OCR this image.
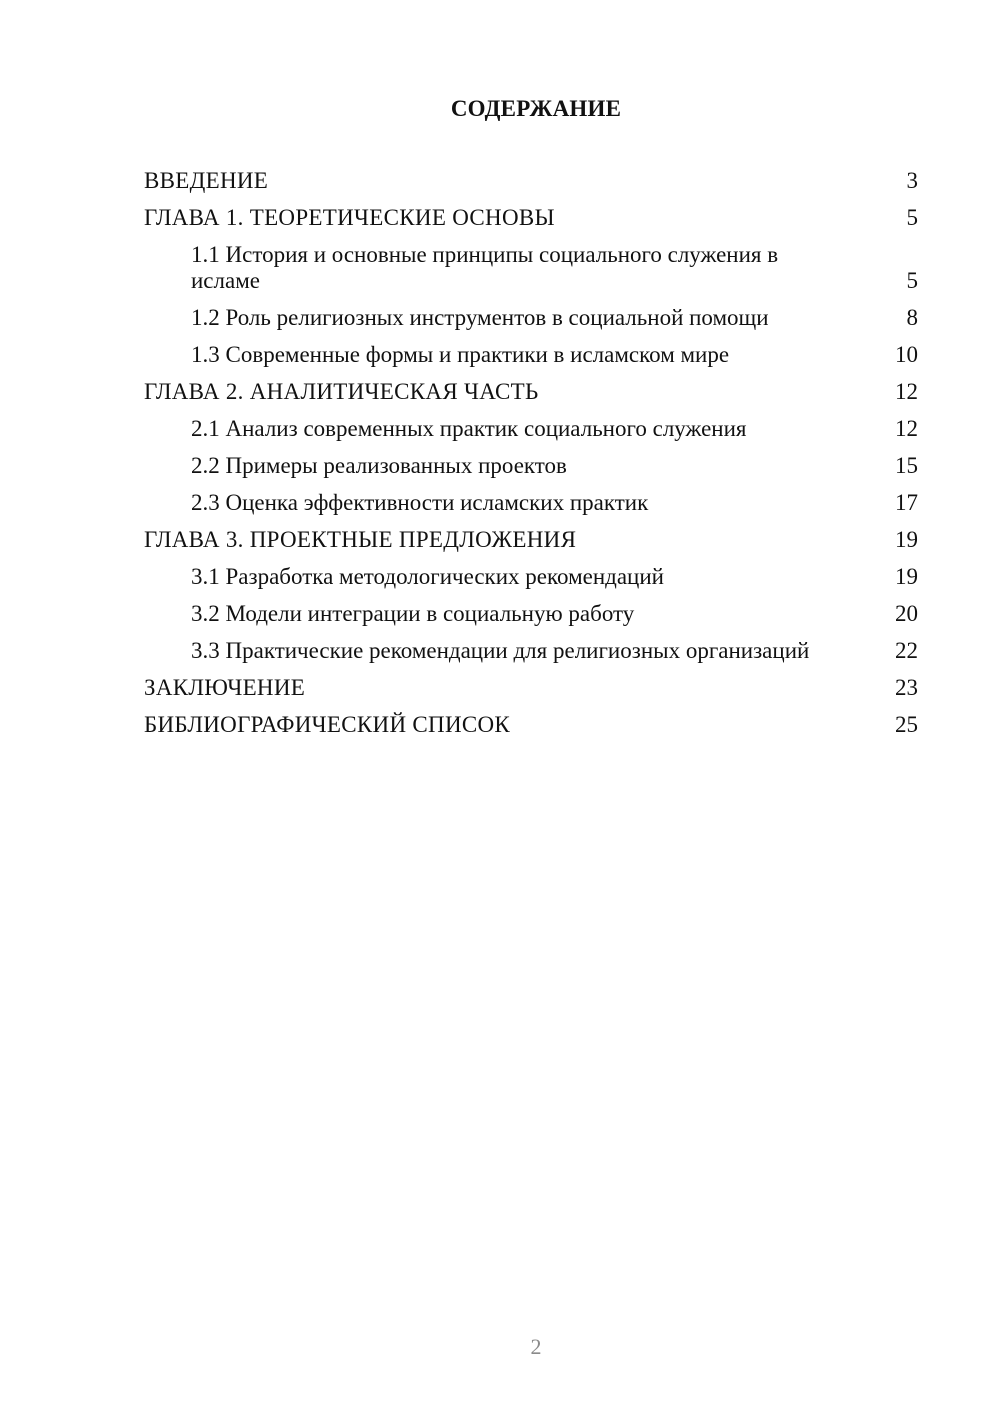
СОДЕРЖАНИЕ
ВВЕДЕНИЕ	3
ГЛАВА 1. ТЕОРЕТИЧЕСКИЕ ОСНОВЫ	5
1.1 История и основные принципы социального служения в исламе	5
1.2 Роль религиозных инструментов в социальной помощи	8
1.3 Современные формы и практики в исламском мире	10
ГЛАВА 2. АНАЛИТИЧЕСКАЯ ЧАСТЬ	12
2.1 Анализ современных практик социального служения	12
2.2 Примеры реализованных проектов	15
2.3 Оценка эффективности исламских практик	17
ГЛАВА 3. ПРОЕКТНЫЕ ПРЕДЛОЖЕНИЯ	19
3.1 Разработка методологических рекомендаций	19
3.2 Модели интеграции в социальную работу	20
3.3 Практические рекомендации для религиозных организаций	22
ЗАКЛЮЧЕНИЕ	23
БИБЛИОГРАФИЧЕСКИЙ СПИСОК	25
2
